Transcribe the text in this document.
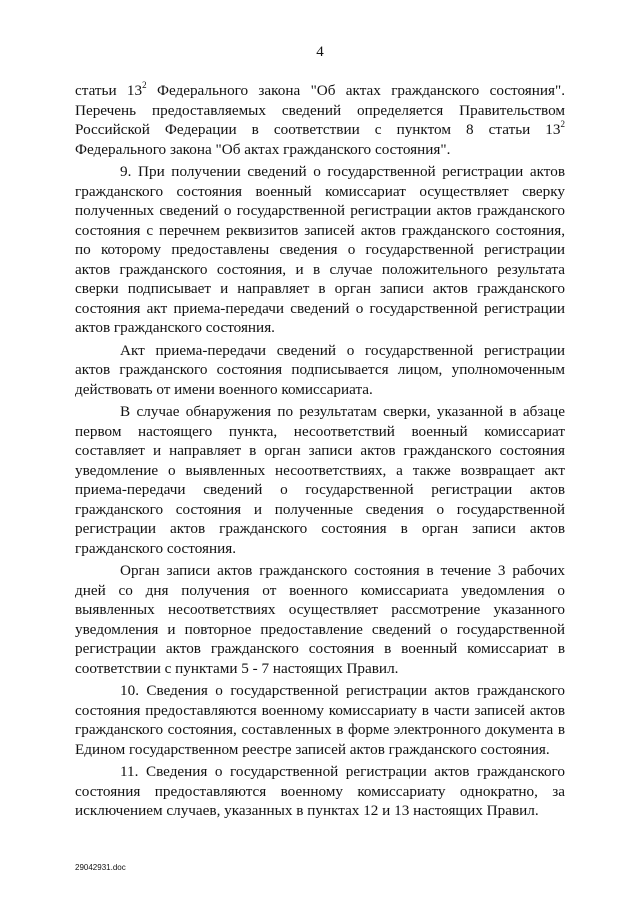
4

статьи $13^2$ Федерального закона "Об актах гражданского состояния". Перечень предоставляемых сведений определяется Правительством Российской Федерации в соответствии с пунктом 8 статьи $13^2$ Федерального закона "Об актах гражданского состояния".

9. При получении сведений о государственной регистрации актов гражданского состояния военный комиссариат осуществляет сверку полученных сведений о государственной регистрации актов гражданского состояния с перечнем реквизитов записей актов гражданского состояния, по которому предоставлены сведения о государственной регистрации актов гражданского состояния, и в случае положительного результата сверки подписывает и направляет в орган записи актов гражданского состояния акт приема-передачи сведений о государственной регистрации актов гражданского состояния.

Акт приема-передачи сведений о государственной регистрации актов гражданского состояния подписывается лицом, уполномоченным действовать от имени военного комиссариата.

В случае обнаружения по результатам сверки, указанной в абзаце первом настоящего пункта, несоответствий военный комиссариат составляет и направляет в орган записи актов гражданского состояния уведомление о выявленных несоответствиях, а также возвращает акт приема-передачи сведений о государственной регистрации актов гражданского состояния и полученные сведения о государственной регистрации актов гражданского состояния в орган записи актов гражданского состояния.

Орган записи актов гражданского состояния в течение 3 рабочих дней со дня получения от военного комиссариата уведомления о выявленных несоответствиях осуществляет рассмотрение указанного уведомления и повторное предоставление сведений о государственной регистрации актов гражданского состояния в военный комиссариат в соответствии с пунктами 5 - 7 настоящих Правил.

10. Сведения о государственной регистрации актов гражданского состояния предоставляются военному комиссариату в части записей актов гражданского состояния, составленных в форме электронного документа в Едином государственном реестре записей актов гражданского состояния.

11. Сведения о государственной регистрации актов гражданского состояния предоставляются военному комиссариату однократно, за исключением случаев, указанных в пунктах 12 и 13 настоящих Правил.

29042931.doc
